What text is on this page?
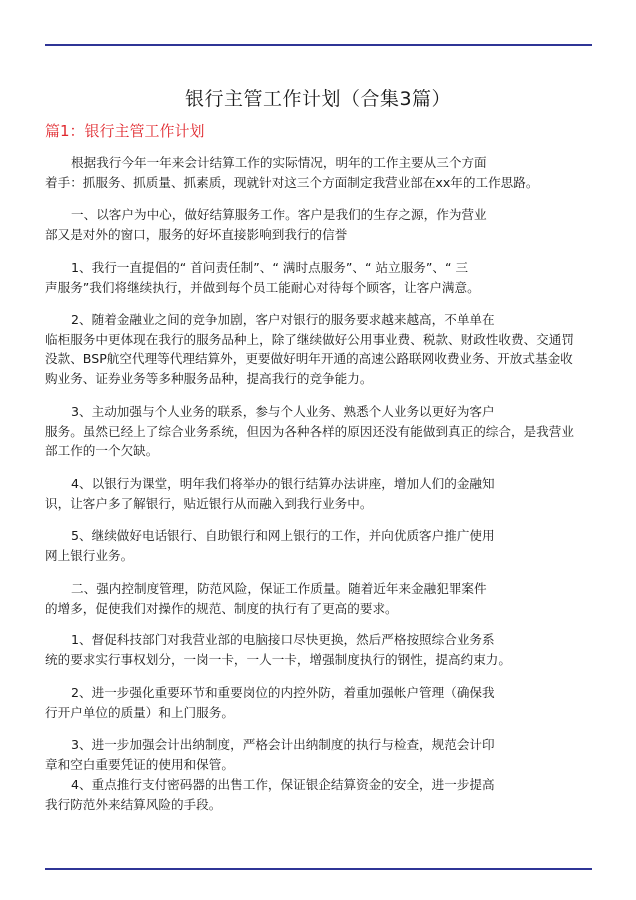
银行主管工作计划（合集3篇）
篇1：银行主管工作计划
根据我行今年一年来会计结算工作的实际情况，明年的工作主要从三个方面
着手：抓服务、抓质量、抓素质，现就针对这三个方面制定我营业部在xx年的工作思路。
一、以客户为中心，做好结算服务工作。客户是我们的生存之源，作为营业
部又是对外的窗口，服务的好坏直接影响到我行的信誉
1、我行一直提倡的“ 首问责任制”、“ 满时点服务”、“ 站立服务”、“ 三
声服务”我们将继续执行，并做到每个员工能耐心对待每个顾客，让客户满意。
2、随着金融业之间的竞争加剧，客户对银行的服务要求越来越高，不单单在
临柜服务中更体现在我行的服务品种上，除了继续做好公用事业费、税款、财政性收费、交通罚
没款、BSP航空代理等代理结算外，更要做好明年开通的高速公路联网收费业务、开放式基金收
购业务、证券业务等多种服务品种，提高我行的竞争能力。
3、主动加强与个人业务的联系，参与个人业务、熟悉个人业务以更好为客户
服务。虽然已经上了综合业务系统，但因为各种各样的原因还没有能做到真正的综合，是我营业
部工作的一个欠缺。
4、以银行为课堂，明年我们将举办的银行结算办法讲座，增加人们的金融知
识，让客户多了解银行，贴近银行从而融入到我行业务中。
5、继续做好电话银行、自助银行和网上银行的工作，并向优质客户推广使用
网上银行业务。
二、强内控制度管理，防范风险，保证工作质量。随着近年来金融犯罪案件
的增多，促使我们对操作的规范、制度的执行有了更高的要求。
1、督促科技部门对我营业部的电脑接口尽快更换，然后严格按照综合业务系
统的要求实行事权划分，一岗一卡，一人一卡，增强制度执行的钢性，提高约束力。
2、进一步强化重要环节和重要岗位的内控外防，着重加强帐户管理（确保我
行开户单位的质量）和上门服务。
3、进一步加强会计出纳制度，严格会计出纳制度的执行与检查，规范会计印
章和空白重要凭证的使用和保管。
4、重点推行支付密码器的出售工作，保证银企结算资金的安全，进一步提高
我行防范外来结算风险的手段。
